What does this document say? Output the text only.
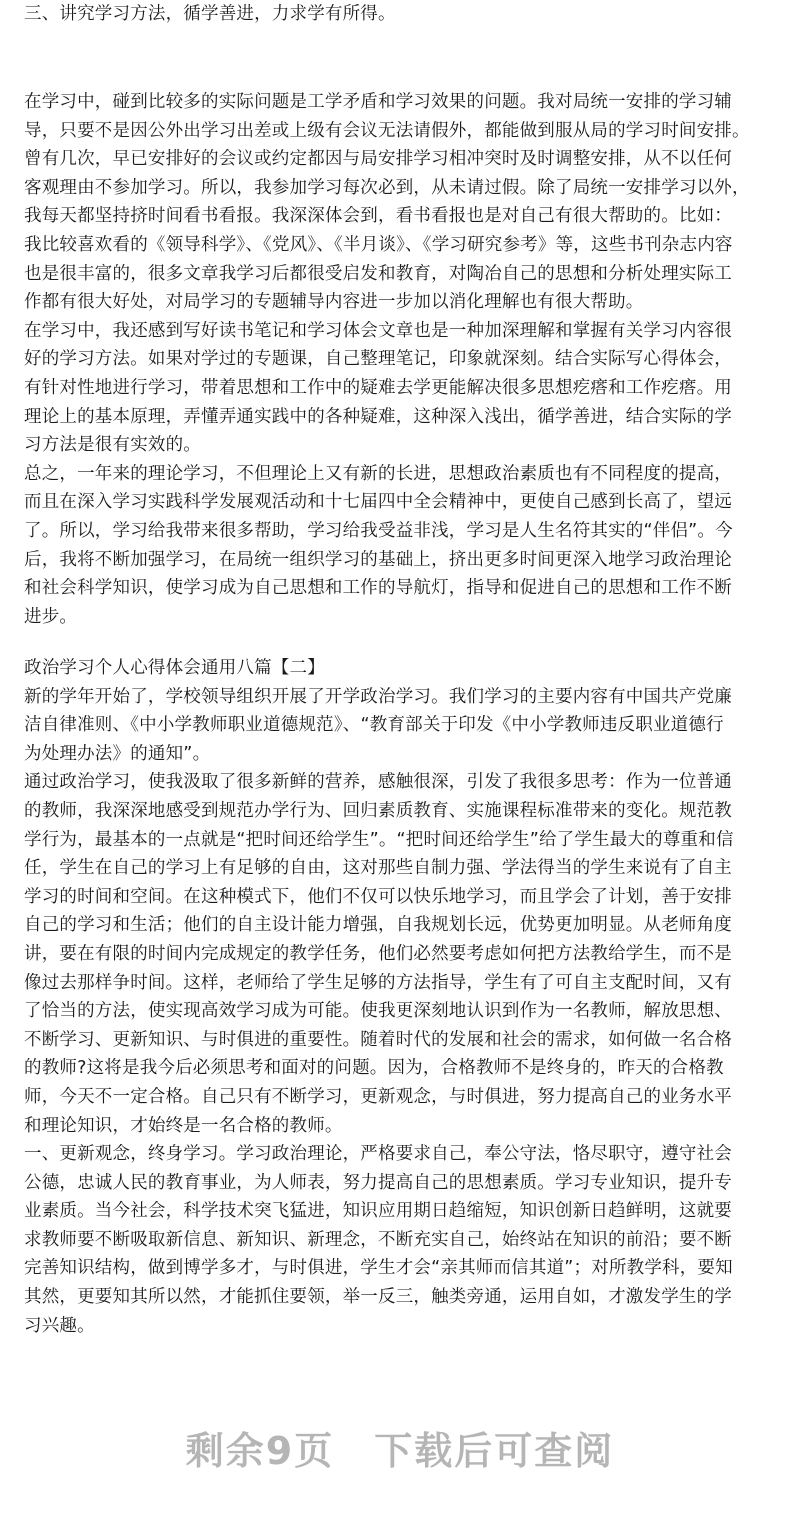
三、讲究学习方法，循学善进，力求学有所得。
在学习中，碰到比较多的实际问题是工学矛盾和学习效果的问题。我对局统一安排的学习辅
导，只要不是因公外出学习出差或上级有会议无法请假外，都能做到服从局的学习时间安排。
曾有几次，早已安排好的会议或约定都因与局安排学习相冲突时及时调整安排，从不以任何
客观理由不参加学习。所以，我参加学习每次必到，从未请过假。除了局统一安排学习以外，
我每天都坚持挤时间看书看报。我深深体会到，看书看报也是对自己有很大帮助的。比如：
我比较喜欢看的《领导科学》、《党风》、《半月谈》、《学习研究参考》等，这些书刊杂志内容
也是很丰富的，很多文章我学习后都很受启发和教育，对陶冶自己的思想和分析处理实际工
作都有很大好处，对局学习的专题辅导内容进一步加以消化理解也有很大帮助。
在学习中，我还感到写好读书笔记和学习体会文章也是一种加深理解和掌握有关学习内容很
好的学习方法。如果对学过的专题课，自己整理笔记，印象就深刻。结合实际写心得体会，
有针对性地进行学习，带着思想和工作中的疑难去学更能解决很多思想疙瘩和工作疙瘩。用
理论上的基本原理，弄懂弄通实践中的各种疑难，这种深入浅出，循学善进，结合实际的学
习方法是很有实效的。
总之，一年来的理论学习，不但理论上又有新的长进，思想政治素质也有不同程度的提高，
而且在深入学习实践科学发展观活动和十七届四中全会精神中，更使自己感到长高了，望远
了。所以，学习给我带来很多帮助，学习给我受益非浅，学习是人生名符其实的“伴侣”。今
后，我将不断加强学习，在局统一组织学习的基础上，挤出更多时间更深入地学习政治理论
和社会科学知识，使学习成为自己思想和工作的导航灯，指导和促进自己的思想和工作不断
进步。
政治学习个人心得体会通用八篇【二】
新的学年开始了，学校领导组织开展了开学政治学习。我们学习的主要内容有中国共产党廉
洁自律准则、《中小学教师职业道德规范》、“教育部关于印发《中小学教师违反职业道德行
为处理办法》的通知”。
通过政治学习，使我汲取了很多新鲜的营养，感触很深，引发了我很多思考：作为一位普通
的教师，我深深地感受到规范办学行为、回归素质教育、实施课程标准带来的变化。规范教
学行为，最基本的一点就是“把时间还给学生”。“把时间还给学生”给了学生最大的尊重和信
任，学生在自己的学习上有足够的自由，这对那些自制力强、学法得当的学生来说有了自主
学习的时间和空间。在这种模式下，他们不仅可以快乐地学习，而且学会了计划，善于安排
自己的学习和生活；他们的自主设计能力增强，自我规划长远，优势更加明显。从老师角度
讲，要在有限的时间内完成规定的教学任务，他们必然要考虑如何把方法教给学生，而不是
像过去那样争时间。这样，老师给了学生足够的方法指导，学生有了可自主支配时间，又有
了恰当的方法，使实现高效学习成为可能。使我更深刻地认识到作为一名教师，解放思想、
不断学习、更新知识、与时俱进的重要性。随着时代的发展和社会的需求，如何做一名合格
的教师?这将是我今后必须思考和面对的问题。因为，合格教师不是终身的，昨天的合格教
师，今天不一定合格。自己只有不断学习，更新观念，与时俱进，努力提高自己的业务水平
和理论知识，才始终是一名合格的教师。
一、更新观念，终身学习。学习政治理论，严格要求自己，奉公守法，恪尽职守，遵守社会
公德，忠诚人民的教育事业，为人师表，努力提高自己的思想素质。学习专业知识，提升专
业素质。当今社会，科学技术突飞猛进，知识应用期日趋缩短，知识创新日趋鲜明，这就要
求教师要不断吸取新信息、新知识、新理念，不断充实自己，始终站在知识的前沿；要不断
完善知识结构，做到博学多才，与时俱进，学生才会“亲其师而信其道”；对所教学科，要知
其然，更要知其所以然，才能抓住要领，举一反三，触类旁通，运用自如，才激发学生的学
习兴趣。
剩余9页 下载后可查阅
